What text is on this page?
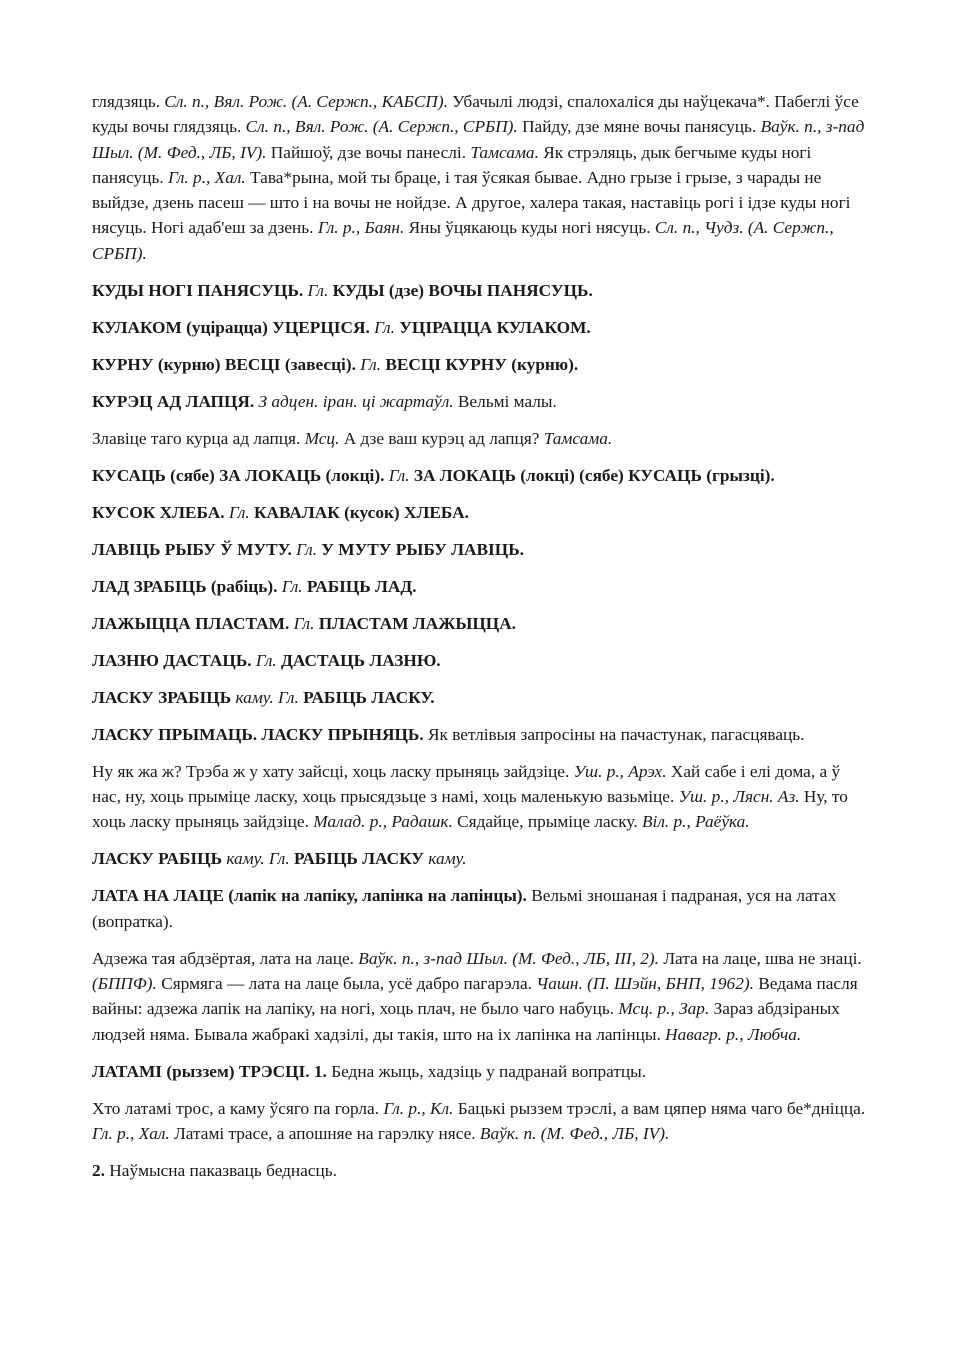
глядзяць. Сл. п., Вял. Рож. (А. Сержп., КАБСП). Убачылі людзі, спалохаліся ды наўцекача*. Пабеглі ўсе куды вочы глядзяць. Сл. п., Вял. Рож. (А. Сержп., СРБП). Пайду, дзе мяне вочы панясуць. Ваўк. п., з-пад Шыл. (М. Фед., ЛБ, IV). Пайшоў, дзе вочы панеслі. Тамсама. Як стрэляць, дык бегчыме куды ногі панясуць. Гл. р., Хал. Тава*рына, мой ты браце, і тая ўсякая бывае. Адно грызе і грызе, з чарады не выйдзе, дзень пасеш — што і на вочы не нойдзе. А другое, халера такая, наставіць рогі і ідзе куды ногі нясуць. Ногі адаб'еш за дзень. Гл. р., Баян. Яны ўцякаюць куды ногі нясуць. Сл. п., Чудз. (А. Сержп., СРБП).

КУДЫ НОГІ ПАНЯСУЦЬ. Гл. КУДЫ (дзе) ВОЧЫ ПАНЯСУЦЬ.

КУЛАКОМ (уціраццa) УЦЕРЦІСЯ. Гл. УЦІРАЦЦА КУЛАКОМ.

КУРНУ (курню) ВЕСЦІ (завесці). Гл. ВЕСЦІ КУРНУ (курню).

КУРЭЦ АД ЛАПЦЯ. З адцен. іран. ці жартаўл. Вельмі малы.

Злавіце таго курца ад лапця. Мсц. А дзе ваш курэц ад лапця? Тамсама.

КУСАЦЬ (сябе) ЗА ЛОКАЦЬ (локці). Гл. ЗА ЛОКАЦЬ (локці) (сябе) КУСАЦЬ (грызці).

КУСОК ХЛЕБА. Гл. КАВАЛАК (кусок) ХЛЕБА.

ЛАВІЦЬ РЫБУ Ў МУТУ. Гл. У МУТУ РЫБУ ЛАВІЦЬ.

ЛАД ЗРАБІЦЬ (рабіць). Гл. РАБІЦЬ ЛАД.

ЛАЖЫЦЦА ПЛАСТАМ. Гл. ПЛАСТАМ ЛАЖЫЦЦА.

ЛАЗНЮ ДАСТАЦЬ. Гл. ДАСТАЦЬ ЛАЗНЮ.

ЛАСКУ ЗРАБІЦЬ каму. Гл. РАБІЦЬ ЛАСКУ.

ЛАСКУ ПРЫМАЦЬ. ЛАСКУ ПРЫНЯЦЬ. Як ветлівыя запросіны на пачастунак, пагасцяваць.

Ну як жа ж? Трэба ж у хату зайсці, хоць ласку прыняць зайдзіце. Уш. р., Арэх. Хай сабе і елі дома, а ў нас, ну, хоць прыміце ласку, хоць прысядзьце з намі, хоць маленькую вазьміце. Уш. р., Лясн. Аз. Ну, то хоць ласку прыняць зайдзіце. Малад. р., Радашк. Сядайце, прыміце ласку. Віл. р., Раёўка.

ЛАСКУ РАБІЦЬ каму. Гл. РАБІЦЬ ЛАСКУ каму.

ЛАТА НА ЛАЦЕ (лапік на лапіку, лапінка на лапінцы). Вельмі зношаная і падраная, уся на латах (вопратка).

Адзежа тая абдзёртая, лата на лаце. Ваўк. п., з-пад Шыл. (М. Фед., ЛБ, ІІІ, 2). Лата на лаце, шва не знаці. (БППФ). Сярмяга — лата на лаце была, усё дабро пагарэла. Чашн. (П. Шэйн, БНП, 1962). Ведама пасля вайны: адзежа лапік на лапіку, на ногі, хоць плач, не было чаго набуць. Мсц. р., Зар. Зараз абдзіраных людзей няма. Бывала жабракі хадзілі, ды такія, што на іх лапінка на лапінцы. Навагр. р., Любча.

ЛАТАМІ (рыззем) ТРЭСЦІ. 1. Бедна жыць, хадзіць у падранай вопратцы.

Хто латамі трос, а каму ўсяго па горла. Гл. р., Кл. Бацькі рыззем трэслі, а вам цяпер няма чаго бе*дніцца. Гл. р., Хал. Латамі трасе, а апошняе на гарэлку нясе. Ваўк. п. (М. Фед., ЛБ, IV).

2. Наўмысна паказваць беднасць.
